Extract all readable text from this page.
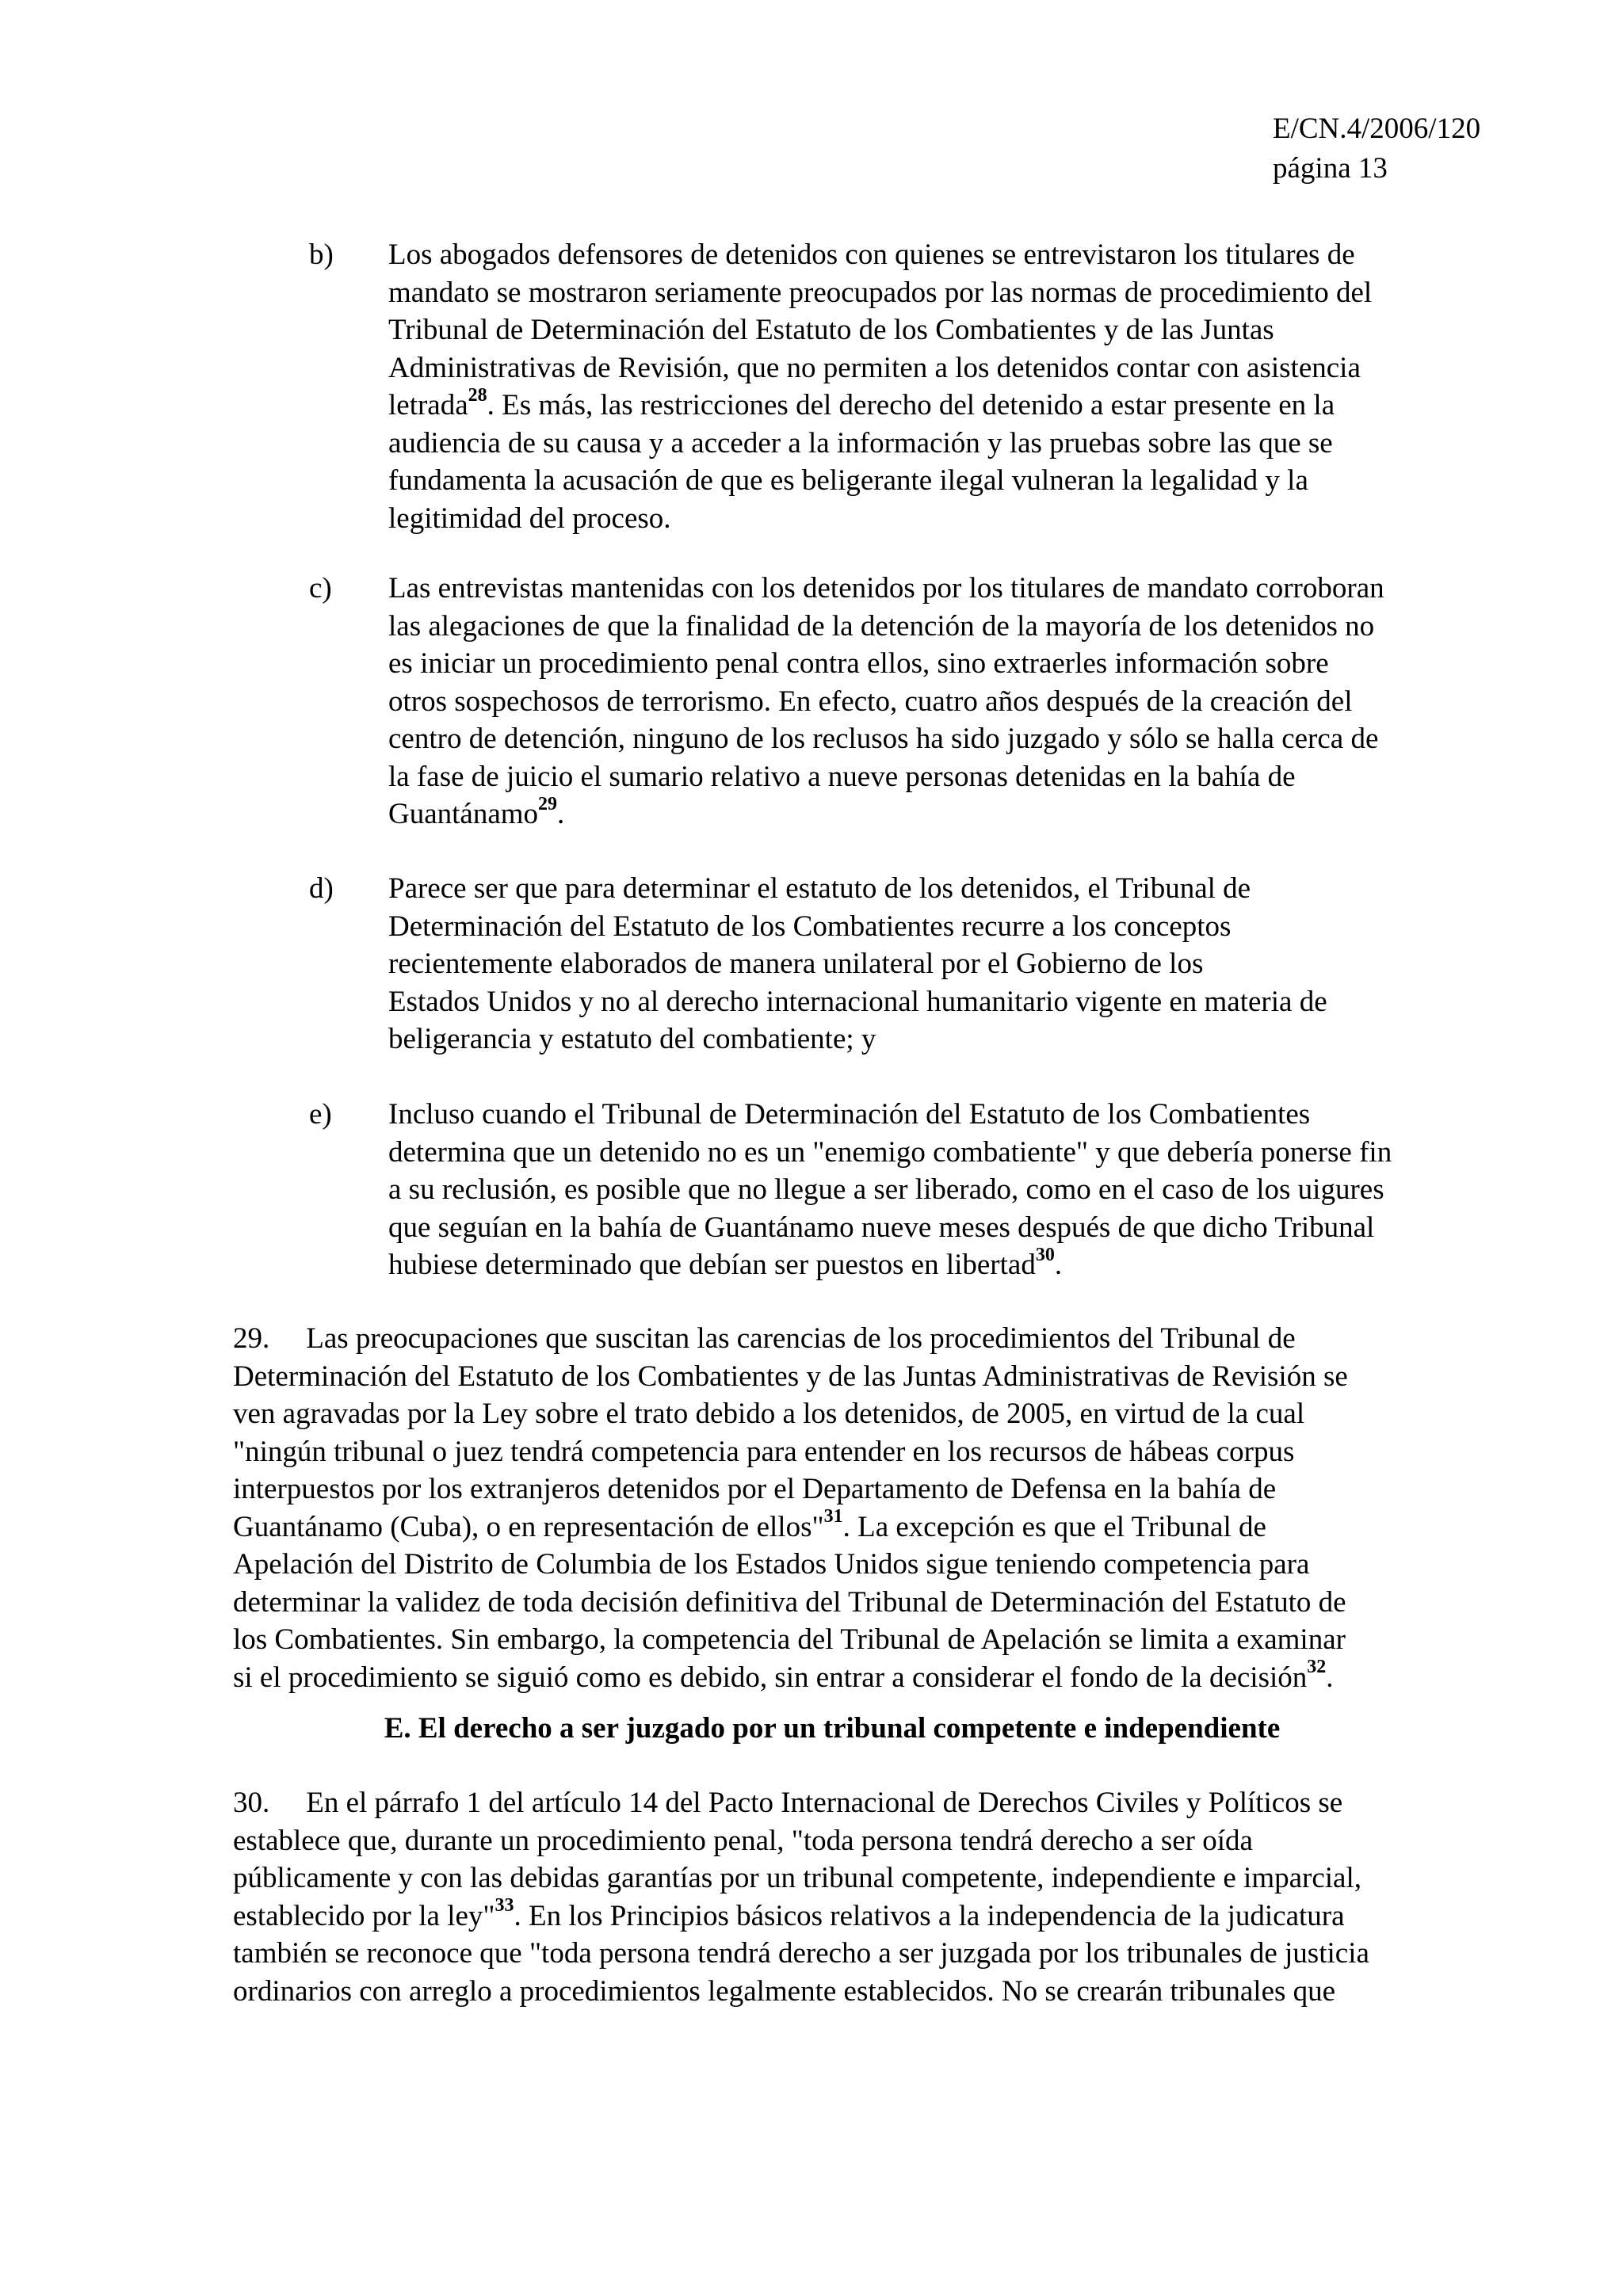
E/CN.4/2006/120
página 13
b)	Los abogados defensores de detenidos con quienes se entrevistaron los titulares de
mandato se mostraron seriamente preocupados por las normas de procedimiento del
Tribunal de Determinación del Estatuto de los Combatientes y de las Juntas
Administrativas de Revisión, que no permiten a los detenidos contar con asistencia
letrada$^{28}$. Es más, las restricciones del derecho del detenido a estar presente en la
audiencia de su causa y a acceder a la información y las pruebas sobre las que se
fundamenta la acusación de que es beligerante ilegal vulneran la legalidad y la
legitimidad del proceso.
c)	Las entrevistas mantenidas con los detenidos por los titulares de mandato corroboran
las alegaciones de que la finalidad de la detención de la mayoría de los detenidos no
es iniciar un procedimiento penal contra ellos, sino extraerles información sobre
otros sospechosos de terrorismo. En efecto, cuatro años después de la creación del
centro de detención, ninguno de los reclusos ha sido juzgado y sólo se halla cerca de
la fase de juicio el sumario relativo a nueve personas detenidas en la bahía de
Guantánamo$^{29}$.
d)	Parece ser que para determinar el estatuto de los detenidos, el Tribunal de
Determinación del Estatuto de los Combatientes recurre a los conceptos
recientemente elaborados de manera unilateral por el Gobierno de los
Estados Unidos y no al derecho internacional humanitario vigente en materia de
beligerancia y estatuto del combatiente; y
e)	Incluso cuando el Tribunal de Determinación del Estatuto de los Combatientes
determina que un detenido no es un "enemigo combatiente" y que debería ponerse fin
a su reclusión, es posible que no llegue a ser liberado, como en el caso de los uigures
que seguían en la bahía de Guantánamo nueve meses después de que dicho Tribunal
hubiese determinado que debían ser puestos en libertad$^{30}$.
29. Las preocupaciones que suscitan las carencias de los procedimientos del Tribunal de
Determinación del Estatuto de los Combatientes y de las Juntas Administrativas de Revisión se
ven agravadas por la Ley sobre el trato debido a los detenidos, de 2005, en virtud de la cual
"ningún tribunal o juez tendrá competencia para entender en los recursos de hábeas corpus
interpuestos por los extranjeros detenidos por el Departamento de Defensa en la bahía de
Guantánamo (Cuba), o en representación de ellos"$^{31}$. La excepción es que el Tribunal de
Apelación del Distrito de Columbia de los Estados Unidos sigue teniendo competencia para
determinar la validez de toda decisión definitiva del Tribunal de Determinación del Estatuto de
los Combatientes. Sin embargo, la competencia del Tribunal de Apelación se limita a examinar
si el procedimiento se siguió como es debido, sin entrar a considerar el fondo de la decisión$^{32}$.
E. El derecho a ser juzgado por un tribunal competente e independiente
30. En el párrafo 1 del artículo 14 del Pacto Internacional de Derechos Civiles y Políticos se
establece que, durante un procedimiento penal, "toda persona tendrá derecho a ser oída
públicamente y con las debidas garantías por un tribunal competente, independiente e imparcial,
establecido por la ley"$^{33}$. En los Principios básicos relativos a la independencia de la judicatura
también se reconoce que "toda persona tendrá derecho a ser juzgada por los tribunales de justicia
ordinarios con arreglo a procedimientos legalmente establecidos. No se crearán tribunales que
